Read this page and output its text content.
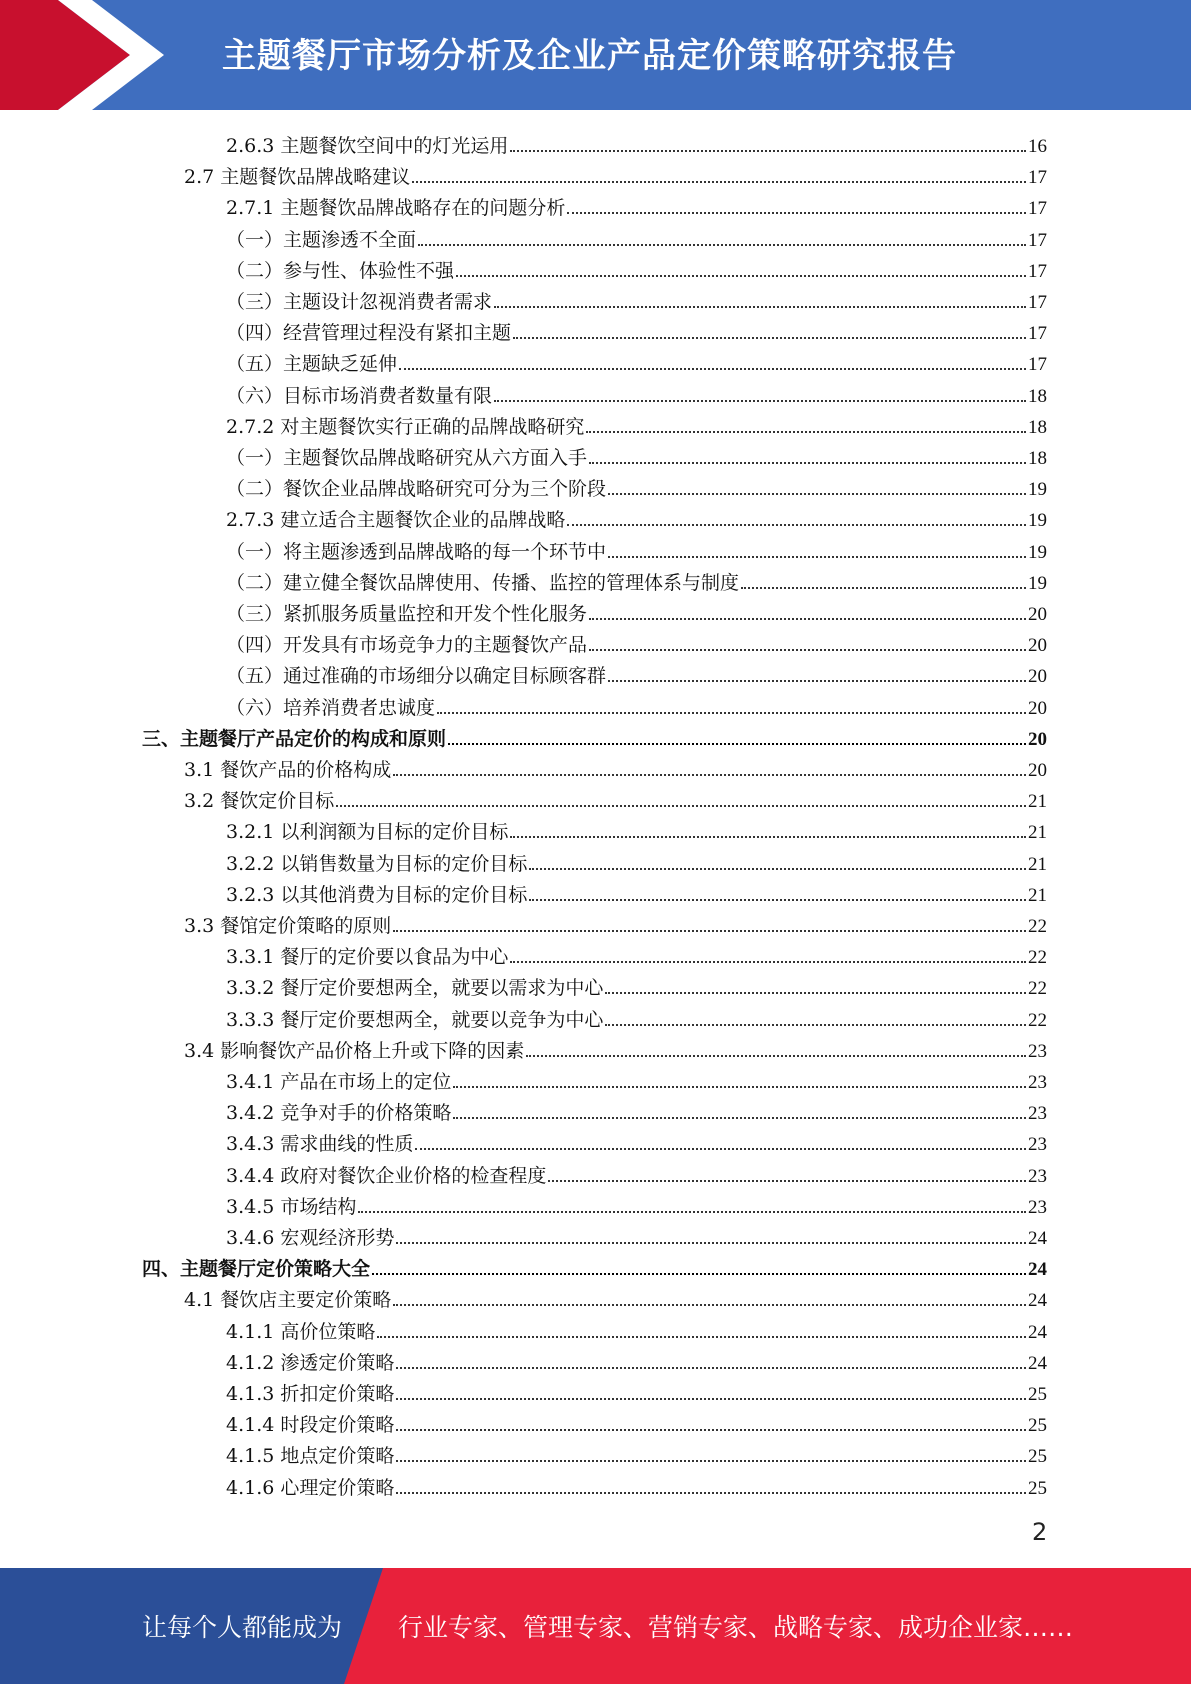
主题餐厅市场分析及企业产品定价策略研究报告
2.6.3 主题餐饮空间中的灯光运用	16
2.7 主题餐饮品牌战略建议	17
2.7.1 主题餐饮品牌战略存在的问题分析	17
（一）主题渗透不全面	17
（二）参与性、体验性不强	17
（三）主题设计忽视消费者需求	17
（四）经营管理过程没有紧扣主题	17
（五）主题缺乏延伸	17
（六）目标市场消费者数量有限	18
2.7.2 对主题餐饮实行正确的品牌战略研究	18
（一）主题餐饮品牌战略研究从六方面入手	18
（二）餐饮企业品牌战略研究可分为三个阶段	19
2.7.3 建立适合主题餐饮企业的品牌战略	19
（一）将主题渗透到品牌战略的每一个环节中	19
（二）建立健全餐饮品牌使用、传播、监控的管理体系与制度	19
（三）紧抓服务质量监控和开发个性化服务	20
（四）开发具有市场竞争力的主题餐饮产品	20
（五）通过准确的市场细分以确定目标顾客群	20
（六）培养消费者忠诚度	20
三、主题餐厅产品定价的构成和原则	20
3.1 餐饮产品的价格构成	20
3.2 餐饮定价目标	21
3.2.1 以利润额为目标的定价目标	21
3.2.2 以销售数量为目标的定价目标	21
3.2.3 以其他消费为目标的定价目标	21
3.3 餐馆定价策略的原则	22
3.3.1 餐厅的定价要以食品为中心	22
3.3.2 餐厅定价要想两全，就要以需求为中心	22
3.3.3 餐厅定价要想两全，就要以竞争为中心	22
3.4 影响餐饮产品价格上升或下降的因素	23
3.4.1 产品在市场上的定位	23
3.4.2 竞争对手的价格策略	23
3.4.3 需求曲线的性质	23
3.4.4 政府对餐饮企业价格的检查程度	23
3.4.5 市场结构	23
3.4.6 宏观经济形势	24
四、主题餐厅定价策略大全	24
4.1 餐饮店主要定价策略	24
4.1.1 高价位策略	24
4.1.2 渗透定价策略	24
4.1.3 折扣定价策略	25
4.1.4 时段定价策略	25
4.1.5 地点定价策略	25
4.1.6 心理定价策略	25
2
让每个人都能成为 行业专家、管理专家、营销专家、战略专家、成功企业家……
